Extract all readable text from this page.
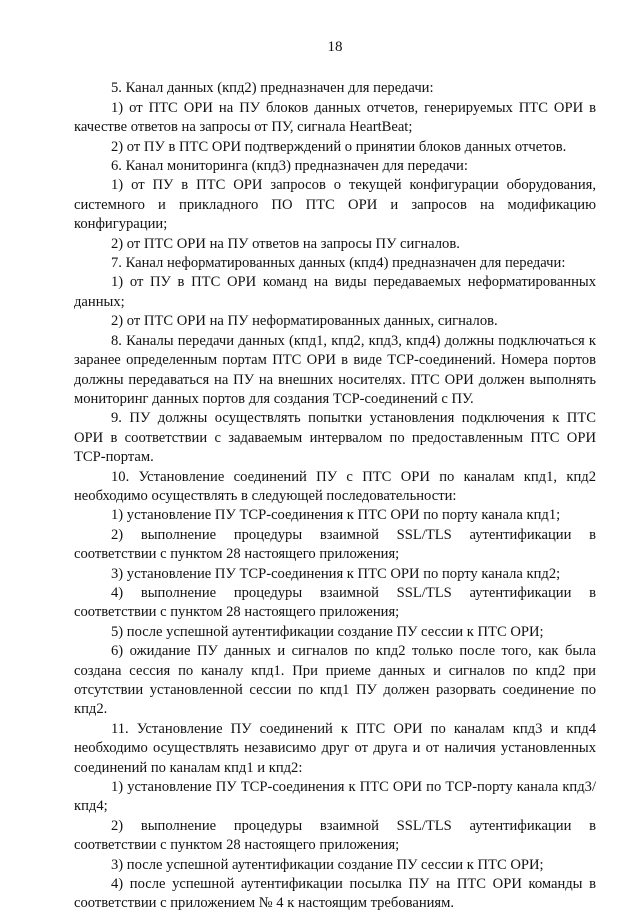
18

5. Канал данных (кпд2) предназначен для передачи:

1) от ПТС ОРИ на ПУ блоков данных отчетов, генерируемых ПТС ОРИ в качестве ответов на запросы от ПУ, сигнала HeartBeat;

2) от ПУ в ПТС ОРИ подтверждений о принятии блоков данных отчетов.

6. Канал мониторинга (кпд3) предназначен для передачи:

1) от ПУ в ПТС ОРИ запросов о текущей конфигурации оборудования, системного и прикладного ПО ПТС ОРИ и запросов на модификацию конфигурации;

2) от ПТС ОРИ на ПУ ответов на запросы ПУ сигналов.

7. Канал неформатированных данных (кпд4) предназначен для передачи:

1) от ПУ в ПТС ОРИ команд на виды передаваемых неформатированных данных;

2) от ПТС ОРИ на ПУ неформатированных данных, сигналов.

8. Каналы передачи данных (кпд1, кпд2, кпд3, кпд4) должны подключаться к заранее определенным портам ПТС ОРИ в виде TCP-соединений. Номера портов должны передаваться на ПУ на внешних носителях. ПТС ОРИ должен выполнять мониторинг данных портов для создания TCP-соединений с ПУ.

9. ПУ должны осуществлять попытки установления подключения к ПТС ОРИ в соответствии с задаваемым интервалом по предоставленным ПТС ОРИ TCP-портам.

10. Установление соединений ПУ с ПТС ОРИ по каналам кпд1, кпд2 необходимо осуществлять в следующей последовательности:

1) установление ПУ TCP-соединения к ПТС ОРИ по порту канала кпд1;

2) выполнение процедуры взаимной SSL/TLS аутентификации в соответствии с пунктом 28 настоящего приложения;

3) установление ПУ TCP-соединения к ПТС ОРИ по порту канала кпд2;

4) выполнение процедуры взаимной SSL/TLS аутентификации в соответствии с пунктом 28 настоящего приложения;

5) после успешной аутентификации создание ПУ сессии к ПТС ОРИ;

6) ожидание ПУ данных и сигналов по кпд2 только после того, как была создана сессия по каналу кпд1. При приеме данных и сигналов по кпд2 при отсутствии установленной сессии по кпд1 ПУ должен разорвать соединение по кпд2.

11. Установление ПУ соединений к ПТС ОРИ по каналам кпд3 и кпд4 необходимо осуществлять независимо друг от друга и от наличия установленных соединений по каналам кпд1 и кпд2:

1) установление ПУ TCP-соединения к ПТС ОРИ по TCP-порту канала кпд3/кпд4;

2) выполнение процедуры взаимной SSL/TLS аутентификации в соответствии с пунктом 28 настоящего приложения;

3) после успешной аутентификации создание ПУ сессии к ПТС ОРИ;

4) после успешной аутентификации посылка ПУ на ПТС ОРИ команды в соответствии с приложением № 4 к настоящим требованиям.
